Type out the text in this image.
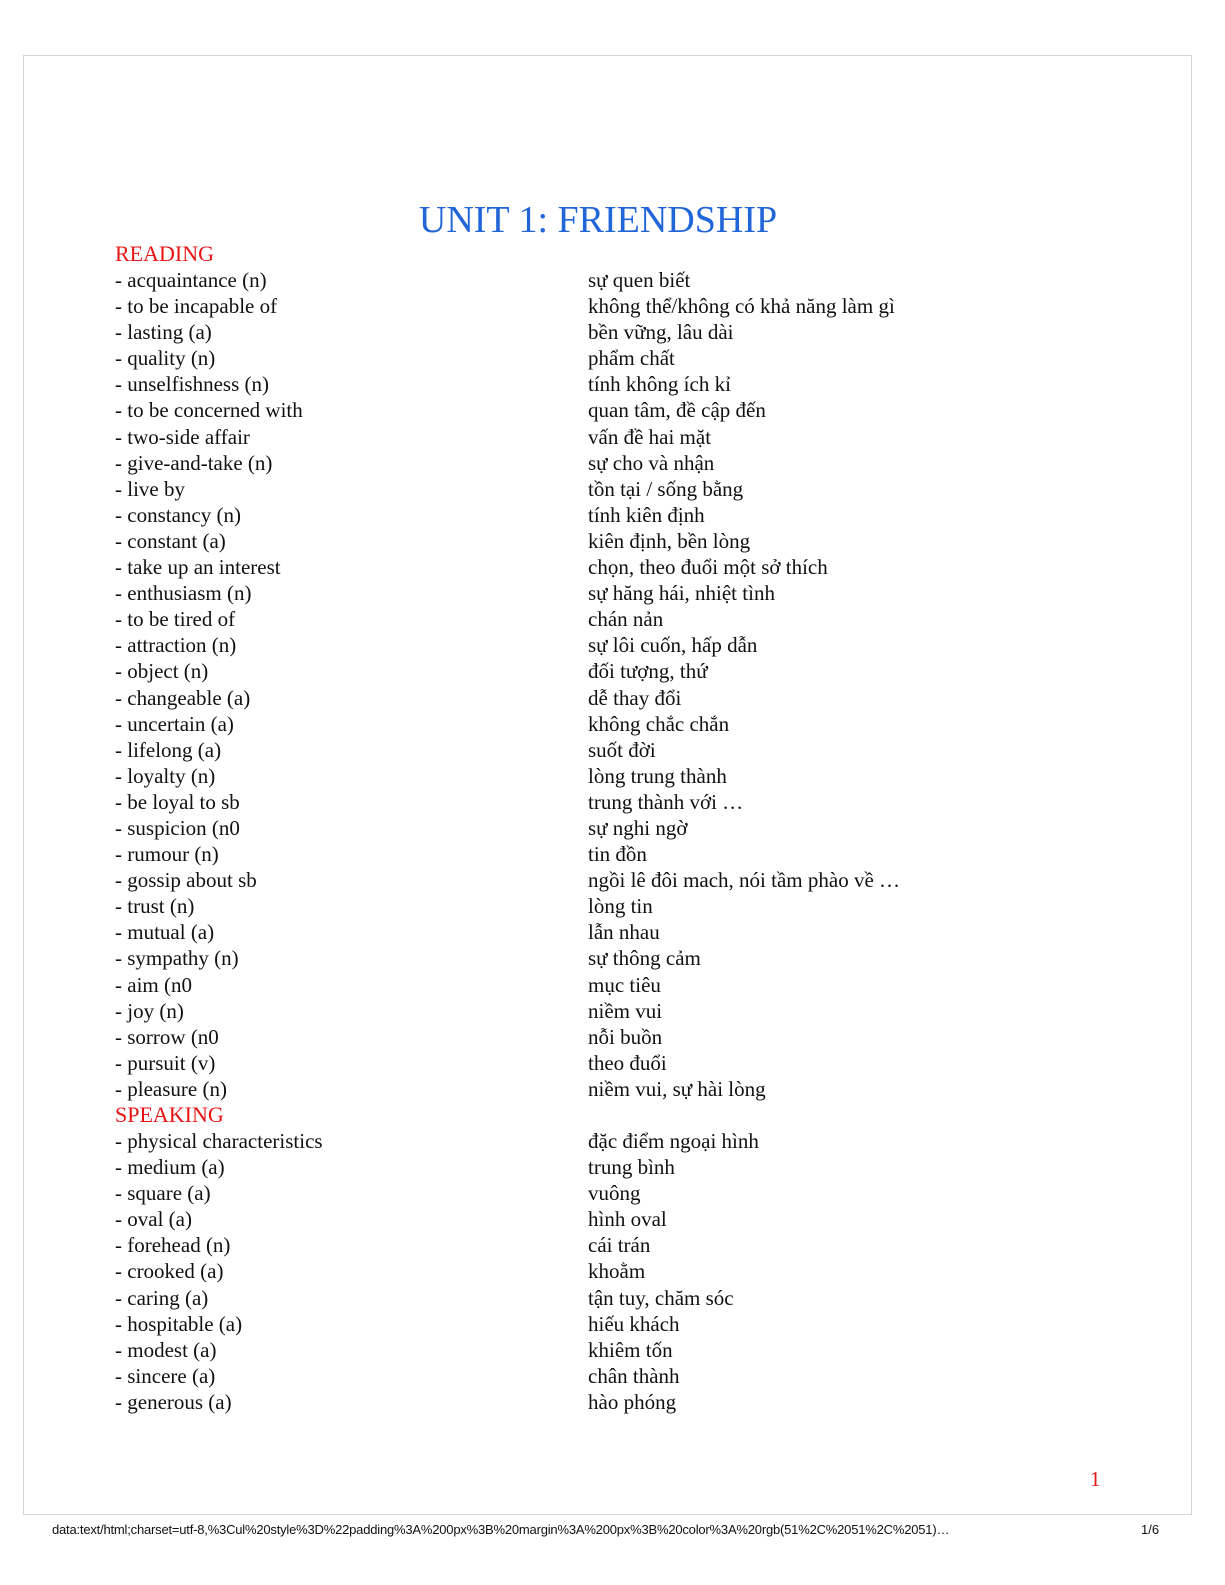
UNIT 1: FRIENDSHIP
READING
- acquaintance (n)	sự quen biết
- to be incapable of	không thể/không có khả năng làm gì
- lasting (a)	bền vững, lâu dài
- quality (n)	phẩm chất
- unselfishness (n)	tính không ích kỉ
- to be concerned with	quan tâm, đề cập đến
- two-side affair	vấn đề hai mặt
- give-and-take (n)	sự cho và nhận
- live by	tồn tại / sống bằng
- constancy (n)	tính kiên định
- constant (a)	kiên định, bền lòng
- take up an interest	chọn, theo đuổi một sở thích
- enthusiasm (n)	sự hăng hái, nhiệt tình
- to be tired of	chán nản
- attraction (n)	sự lôi cuốn, hấp dẫn
- object (n)	đối tượng, thứ
- changeable (a)	dễ thay đổi
- uncertain (a)	không chắc chắn
- lifelong (a)	suốt đời
- loyalty (n)	lòng trung thành
- be loyal to sb	trung thành với …
- suspicion (n0	sự nghi ngờ
- rumour (n)	tin đồn
- gossip about sb	ngồi lê đôi mach, nói tầm phào về …
- trust (n)	lòng tin
- mutual (a)	lẫn nhau
- sympathy (n)	sự thông cảm
- aim (n0	mục tiêu
- joy (n)	niềm vui
- sorrow (n0	nỗi buồn
- pursuit (v)	theo đuổi
- pleasure (n)	niềm vui, sự hài lòng
SPEAKING
- physical characteristics	đặc điểm ngoại hình
- medium (a)	trung bình
- square (a)	vuông
- oval (a)	hình oval
- forehead (n)	cái trán
- crooked (a)	khoằm
- caring (a)	tận tuy, chăm sóc
- hospitable (a)	hiếu khách
- modest (a)	khiêm tốn
- sincere (a)	chân thành
- generous (a)	hào phóng
1
data:text/html;charset=utf-8,%3Cul%20style%3D%22padding%3A%200px%3B%20margin%3A%200px%3B%20color%3A%20rgb(51%2C%2051%2C%2051)…	1/6
